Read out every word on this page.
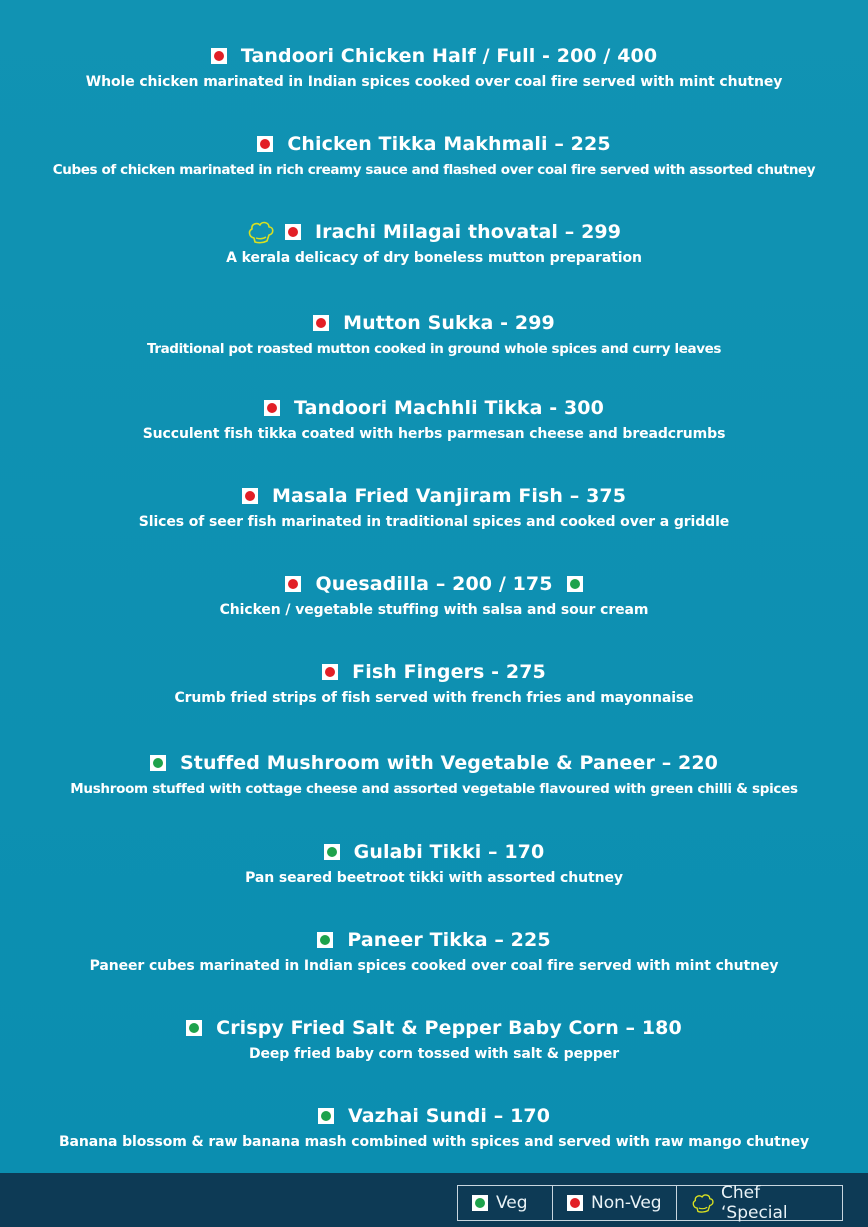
Tandoori Chicken Half / Full - 200 / 400
Whole chicken marinated in Indian spices cooked over coal fire served with mint chutney
Chicken Tikka Makhmali – 225
Cubes of chicken marinated in rich creamy sauce and flashed over coal fire served with assorted chutney
Irachi Milagai thovatal – 299
A kerala delicacy of dry boneless mutton preparation
Mutton Sukka - 299
Traditional pot roasted mutton cooked in ground whole spices and curry leaves
Tandoori Machhli Tikka - 300
Succulent fish tikka coated with herbs parmesan cheese and breadcrumbs
Masala Fried Vanjiram Fish – 375
Slices of seer fish marinated in traditional spices and cooked over a griddle
Quesadilla – 200 / 175
Chicken / vegetable stuffing with salsa and sour cream
Fish Fingers - 275
Crumb fried strips of fish served with french fries and mayonnaise
Stuffed Mushroom with Vegetable & Paneer – 220
Mushroom stuffed with cottage cheese and assorted vegetable flavoured with green chilli & spices
Gulabi Tikki – 170
Pan seared beetroot tikki with assorted chutney
Paneer Tikka – 225
Paneer cubes marinated in Indian spices cooked over coal fire served with mint chutney
Crispy Fried Salt & Pepper Baby Corn – 180
Deep fried baby corn tossed with salt & pepper
Vazhai Sundi – 170
Banana blossom & raw banana mash combined with spices and served with raw mango chutney
Veg	Non-Veg	Chef ‘Special
